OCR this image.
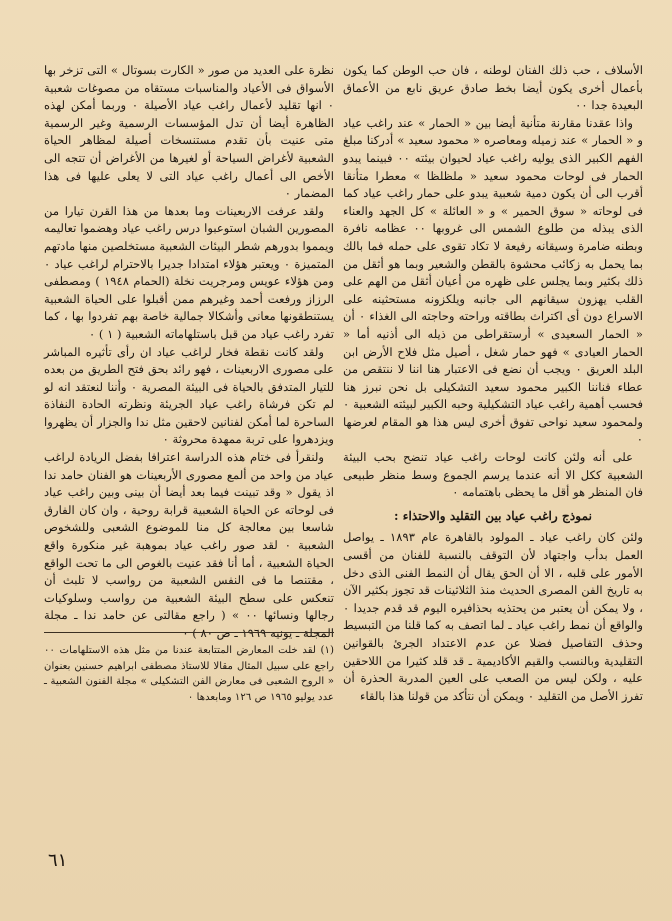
الأسلاف ، حب ذلك الفنان لوطنه ، فان حب الوطن كما يكون بأعمال أخرى يكون أيضا بخط صادق عريق نابع من الأعماق البعيدة جدا ٠٠

واذا عقدنا مقارنة متأنية أيضا بين « الحمار » عند راغب عياد و « الحمار » عند زميله ومعاصره « محمود سعيد » أدركنا مبلغ الفهم الكبير الذى يوليه راغب عياد لحيوان بيئته ٠٠ فبينما يبدو الحمار فى لوحات محمود سعيد « ملظلظا » معطرا متأنقا أقرب الى أن يكون دمية شعبية يبدو على حمار راغب عياد كما فى لوحاته « سوق الحمير » و « العائلة » كل الجهد والعناء الذى يبذله من طلوع الشمس الى غروبها ٠٠ عظامه نافرة وبطنه ضامرة وسيقانه رفيعة لا تكاد تقوى على حمله فما بالك بما يحمل به زكائب محشوة بالقطن والشعير وبما هو أثقل من ذلك بكثير وبما يجلس على ظهره من أعيان أثقل من الهم على القلب يهزون سيقانهم الى جانبه ويلكزونه مستحثينه على الاسراع دون أى اكتراث بطاقته وراحته وحاجته الى الغذاء ٠ أن « الحمار السعيدى » أرستقراطى من ذيله الى أذنيه أما « الحمار العيادى » فهو حمار شغل ، أصيل مثل فلاح الأرض ابن البلد العريق ٠ ويجب أن نضع فى الاعتبار هنا اننا لا ننتقص من عطاء فناننا الكبير محمود سعيد التشكيلى بل نحن نبرز هنا فحسب أهمية راغب عياد التشكيلية وحبه الكبير لبيئته الشعبية ٠ ولمحمود سعيد نواحى تفوق أخرى ليس هذا هو المقام لعرضها ٠

على أنه ولئن كانت لوحات راغب عياد تنضح بحب البيئة الشعبية ككل الا أنه عندما يرسم الجموع وسط منظر طبيعى فان المنظر هو أقل ما يحظى باهتمامه ٠

نموذج راغب عياد بين التقليد والاحتذاء :

ولئن كان راغب عياد ـ المولود بالقاهرة عام ١٨٩٣ ـ يواصل العمل بدأب واجتهاد لأن التوقف بالنسبة للفنان من أقسى الأمور على قلبه ، الا أن الحق يقال أن النمط الفنى الذى دخل به تاريخ الفن المصرى الحديث منذ الثلاثينات قد تجوز بكثير الآن ، ولا يمكن أن يعتبر من يحتذيه بحذافيره اليوم قد قدم جديدا ٠ والواقع أن نمط راغب عياد ـ لما اتصف به كما قلنا من التبسيط وحذف التفاصيل فضلا عن عدم الاعتداد الجرئ بالقوانين التقليدية وبالنسب والقيم الأكاديمية ـ قد قلد كثيرا من اللاحقين عليه ، ولكن ليس من الصعب على العين المدربة الحذرة أن تفرز الأصل من التقليد ٠ ويمكن أن نتأكد من قولنا هذا بالقاء

نظرة على العديد من صور « الكارت بسوتال » التى تزخر بها الأسواق فى الأعياد والمناسبات مستقاه من مصوغات شعبية ٠ انها تقليد لأعمال راغب عياد الأصيلة ٠ وربما أمكن لهذه الظاهرة أيضا أن تدل المؤسسات الرسمية وغير الرسمية متى عنيت بأن تقدم مستنسخات أصيلة لمظاهر الحياة الشعبية لأغراض السياحة أو لغيرها من الأغراض أن تتجه الى الأخص الى أعمال راغب عياد التى لا يعلى عليها فى هذا المضمار ٠

ولقد عرفت الاربعينات وما بعدها من هذا القرن تيارا من المصورين الشبان استوعبوا درس راغب عياد وهضموا تعاليمه ويمموا بدورهم شطر البيئات الشعبية مستخلصين منها مادتهم المتميزة ٠ ويعتبر هؤلاء امتدادا جديرا بالاحترام لراغب عياد ٠ ومن هؤلاء عويس ومرجريت نخلة (الحمام ١٩٤٨ ) ومصطفى الرزاز ورفعت أحمد وغيرهم ممن أقبلوا على الحياة الشعبية يستنطقونها معانى وأشكالا جمالية خاصة بهم تفردوا بها ، كما تفرد راغب عياد من قبل باستلهاماته الشعبية ( ١ ) ٠

ولقد كانت نقطة فخار لراغب عياد ان رأى تأثيره المباشر على مصورى الاربعينات ، فهو رائد بحق فتح الطريق من بعده للتيار المتدفق بالحياة فى البيئة المصرية ٠ وأننا لنعتقد انه لو لم تكن فرشاة راغب عياد الجريئة ونظرته الحادة النفاذة الساحرة لما أمكن لفنانين لاحقين مثل ندا والجزار أن يظهروا ويزدهروا على تربة ممهدة محروثة ٠

ولنقرأ فى ختام هذه الدراسة اعترافا بفضل الريادة لراغب عياد من واحد من ألمع مصورى الأربعينات هو الفنان حامد ندا اذ يقول « وقد تبينت فيما بعد أيضا أن بينى وبين راغب عياد فى لوحاته عن الحياة الشعبية قرابة روحية ، وان كان الفارق شاسعا بين معالجة كل منا للموضوع الشعبى وللشخوص الشعبية ٠ لقد صور راغب عياد بموهبة غير منكورة واقع الحياة الشعبية ، أما أنا فقد عنيت بالغوص الى ما تحت الواقع ، مقتنصا ما فى النفس الشعبية من رواسب لا تلبث أن تنعكس على سطح البيئة الشعبية من رواسب وسلوكيات رجالها ونسائها ٠٠ » ( راجع مقالتى عن حامد ندا ـ مجلة المجلة ـ يونيه ١٩٦٩ ـ ص ٨٠ ) ٠

(١) لقد خلت المعارض المتتابعة عندنا من مثل هذه الاستلهامات ٠٠ راجع على سبيل المثال مقالا للاستاذ مصطفى ابراهيم حسنين بعنوان « الروح الشعبى فى معارض الفن التشكيلى » مجلة الفنون الشعبية ـ عدد يوليو ١٩٦٥ ص ١٢٦ ومابعدها ٠

٦١
